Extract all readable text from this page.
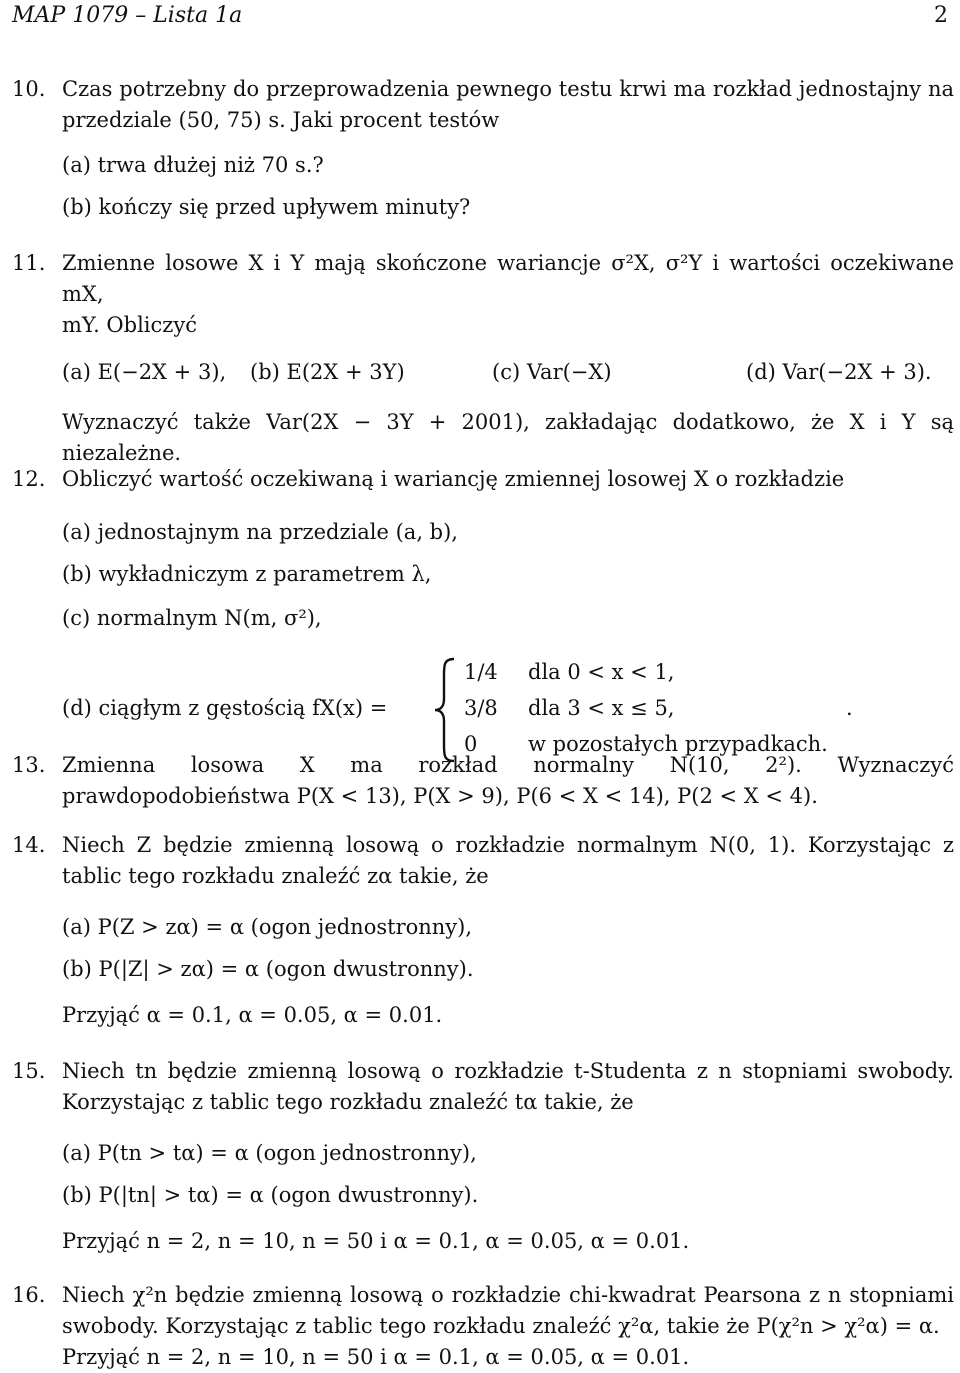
MAP 1079 – Lista 1a	2
10. Czas potrzebny do przeprowadzenia pewnego testu krwi ma rozkład jednostajny na przedziale (50, 75) s. Jaki procent testów

(a) trwa dłużej niż 70 s.?
(b) kończy się przed upływem minuty?
11. Zmienne losowe X i Y mają skończone wariancje σ²X, σ²Y i wartości oczekiwane mX,

mY. Obliczyć

(a) E(−2X + 3), (b) E(2X + 3Y)	(c) Var(−X)	(d) Var(−2X + 3).

Wyznaczyć także Var(2X − 3Y + 2001), zakładając dodatkowo, że X i Y są niezależne.

12. Obliczyć wartość oczekiwaną i wariancję zmiennej losowej X o rozkładzie

(a) jednostajnym na przedziale (a, b),
(b) wykładniczym z parametrem λ,
(c) normalnym N(m, σ²),
(d) ciągłym z gęstością fX(x) =
1/4 dla 0 < x < 1,
3/8 dla 3 < x ≤ 5,
0 w pozostałych przypadkach.
.
13. Zmienna losowa X ma rozkład normalny N(10, 2²). Wyznaczyć prawdopodobieństwa P(X < 13), P(X > 9), P(6 < X < 14), P(2 < X < 4).

14. Niech Z będzie zmienną losową o rozkładzie normalnym N(0, 1). Korzystając z tablic tego rozkładu znaleźć zα takie, że

(a) P(Z > zα) = α (ogon jednostronny),
(b) P(|Z| > zα) = α (ogon dwustronny).

Przyjąć α = 0.1, α = 0.05, α = 0.01.

15. Niech tn będzie zmienną losową o rozkładzie t-Studenta z n stopniami swobody. Korzystając z tablic tego rozkładu znaleźć tα takie, że

(a) P(tn > tα) = α (ogon jednostronny),
(b) P(|tn| > tα) = α (ogon dwustronny).

Przyjąć n = 2, n = 10, n = 50 i α = 0.1, α = 0.05, α = 0.01.

16. Niech χ²n będzie zmienną losową o rozkładzie chi-kwadrat Pearsona z n stopniami swobody. Korzystając z tablic tego rozkładu znaleźć χ²α, takie że P(χ²n > χ²α) = α.

Przyjąć n = 2, n = 10, n = 50 i α = 0.1, α = 0.05, α = 0.01.
